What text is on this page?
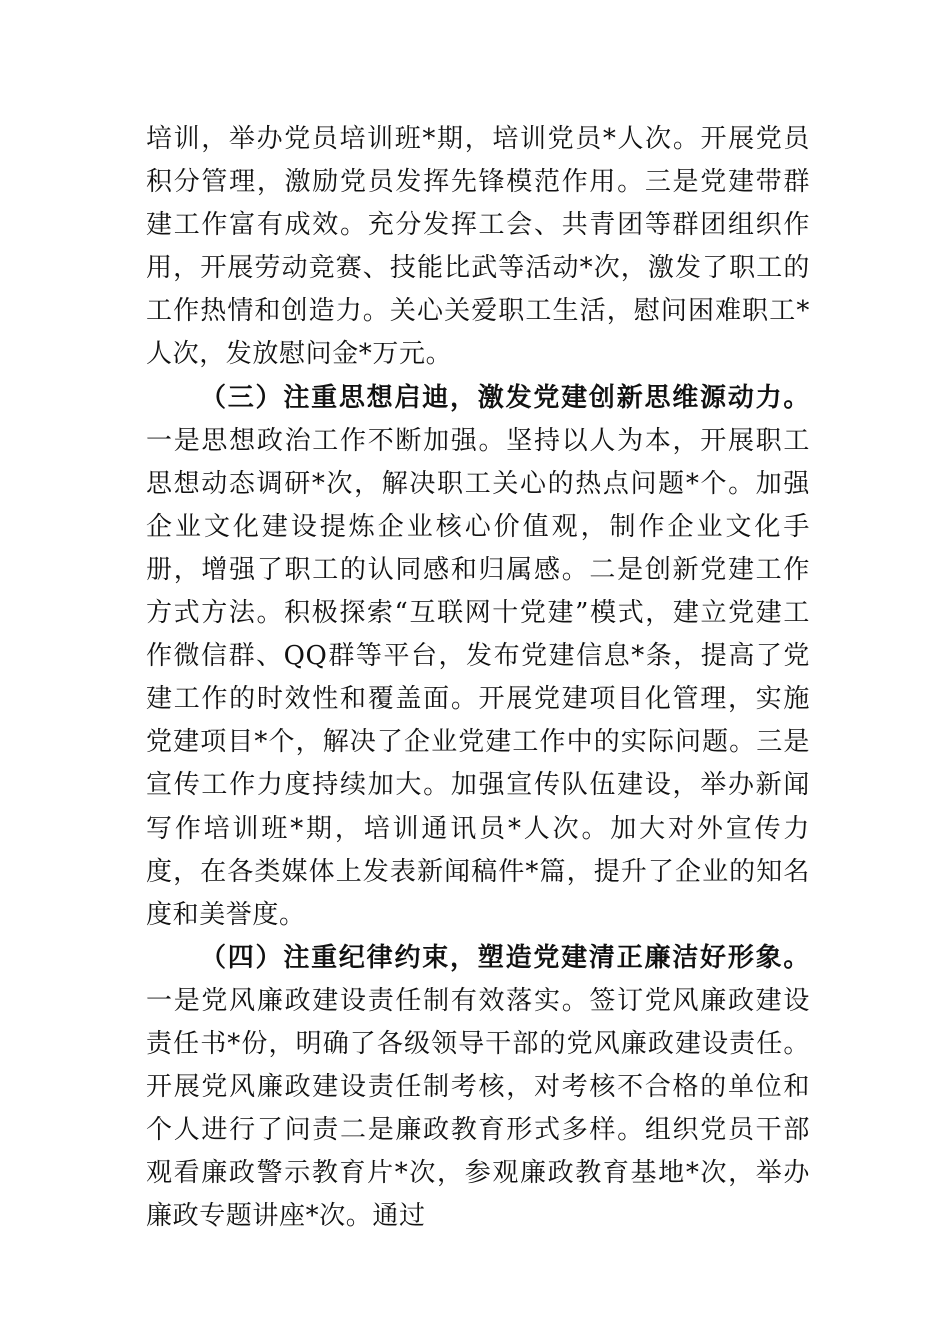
培训，举办党员培训班*期，培训党员*人次。开展党员积分管理，激励党员发挥先锋模范作用。三是党建带群建工作富有成效。充分发挥工会、共青团等群团组织作用，开展劳动竞赛、技能比武等活动*次，激发了职工的工作热情和创造力。关心关爱职工生活，慰问困难职工*人次，发放慰问金*万元。

（三）注重思想启迪，激发党建创新思维源动力。一是思想政治工作不断加强。坚持以人为本，开展职工思想动态调研*次，解决职工关心的热点问题*个。加强企业文化建设提炼企业核心价值观，制作企业文化手册，增强了职工的认同感和归属感。二是创新党建工作方式方法。积极探索“互联网十党建”模式，建立党建工作微信群、QQ群等平台，发布党建信息*条，提高了党建工作的时效性和覆盖面。开展党建项目化管理，实施党建项目*个，解决了企业党建工作中的实际问题。三是宣传工作力度持续加大。加强宣传队伍建设，举办新闻写作培训班*期，培训通讯员*人次。加大对外宣传力度，在各类媒体上发表新闻稿件*篇，提升了企业的知名度和美誉度。

（四）注重纪律约束，塑造党建清正廉洁好形象。一是党风廉政建设责任制有效落实。签订党风廉政建设责任书*份，明确了各级领导干部的党风廉政建设责任。开展党风廉政建设责任制考核，对考核不合格的单位和个人进行了问责二是廉政教育形式多样。组织党员干部观看廉政警示教育片*次，参观廉政教育基地*次，举办廉政专题讲座*次。通过
